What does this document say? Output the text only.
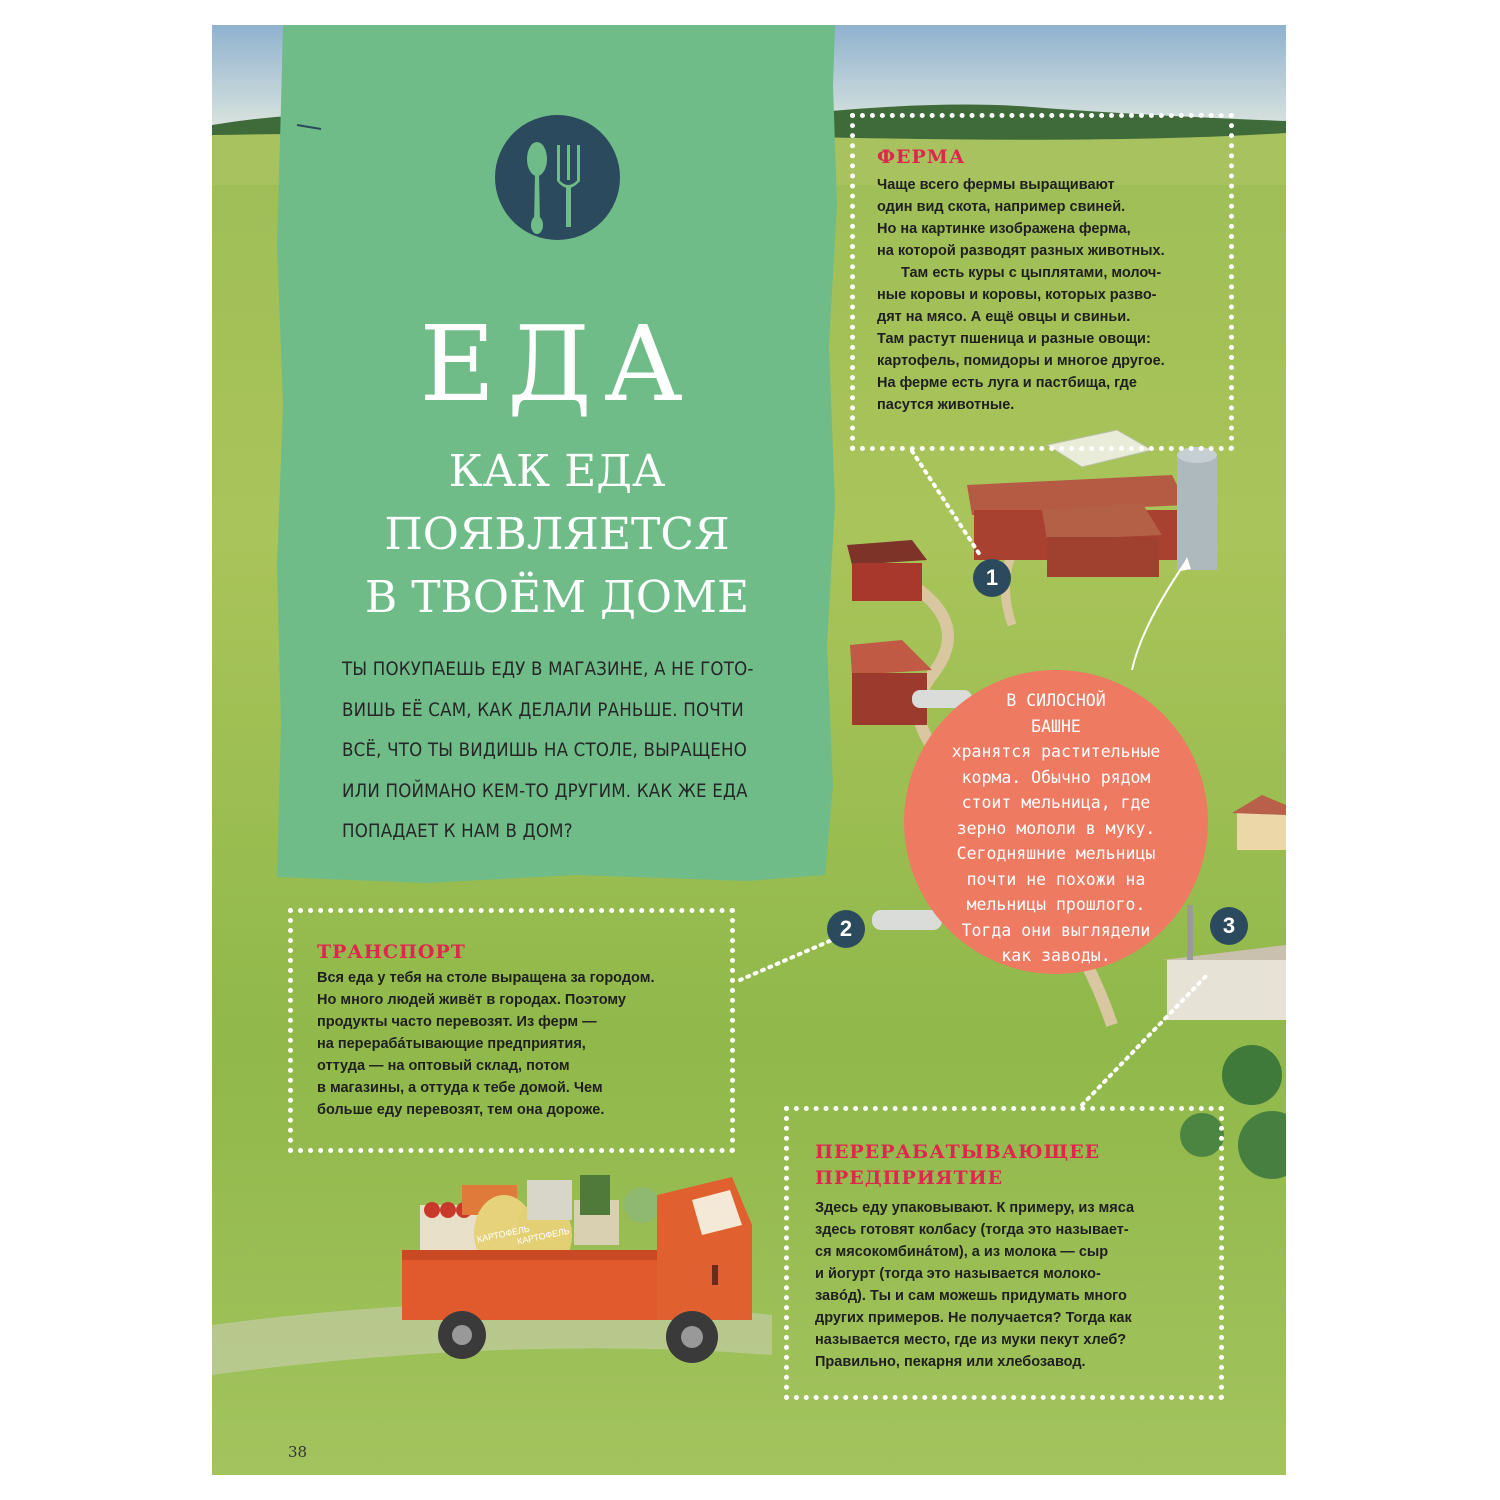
ЕДА
КАК ЕДА
ПОЯВЛЯЕТСЯ
В ТВОЁМ ДОМЕ
ТЫ ПОКУПАЕШЬ ЕДУ В МАГАЗИНЕ, А НЕ ГОТО-
ВИШЬ ЕЁ САМ, КАК ДЕЛАЛИ РАНЬШЕ. ПОЧТИ
ВСЁ, ЧТО ТЫ ВИДИШЬ НА СТОЛЕ, ВЫРАЩЕНО
ИЛИ ПОЙМАНО КЕМ-ТО ДРУГИМ. КАК ЖЕ ЕДА
ПОПАДАЕТ К НАМ В ДОМ?
ФЕРМА
Чаще всего фермы выращивают
один вид скота, например свиней.
Но на картинке изображена ферма,
на которой разводят разных животных.
Там есть куры с цыплятами, молоч-
ные коровы и коровы, которых разво-
дят на мясо. А ещё овцы и свиньи.
Там растут пшеница и разные овощи:
картофель, помидоры и многое другое.
На ферме есть луга и пастбища, где
пасутся животные.
1
2	3
В СИЛОСНОЙ
БАШНЕ
хранятся растительные
корма. Обычно рядом
стоит мельница, где
зерно мололи в муку.
Сегодняшние мельницы
почти не похожи на
мельницы прошлого.
Тогда они выглядели
как заводы.
ТРАНСПОРТ
Вся еда у тебя на столе выращена за городом.
Но много людей живёт в городах. Поэтому
продукты часто перевозят. Из ферм —
на перерабáтывающие предприятия,
оттуда — на оптовый склад, потом
в магазины, а оттуда к тебе домой. Чем
больше еду перевозят, тем она дороже.
КАРТОФЕЛЬ
КАРТОФЕЛЬ
ПЕРЕРАБАТЫВАЮЩЕЕ
ПРЕДПРИЯТИЕ
Здесь еду упаковывают. К примеру, из мяса
здесь готовят колбасу (тогда это называет-
ся мясокомбинáтом), а из молока — сыр
и йогурт (тогда это называется молоко-
завóд). Ты и сам можешь придумать много
других примеров. Не получается? Тогда как
называется место, где из муки пекут хлеб?
Правильно, пекарня или хлебозавод.
38
